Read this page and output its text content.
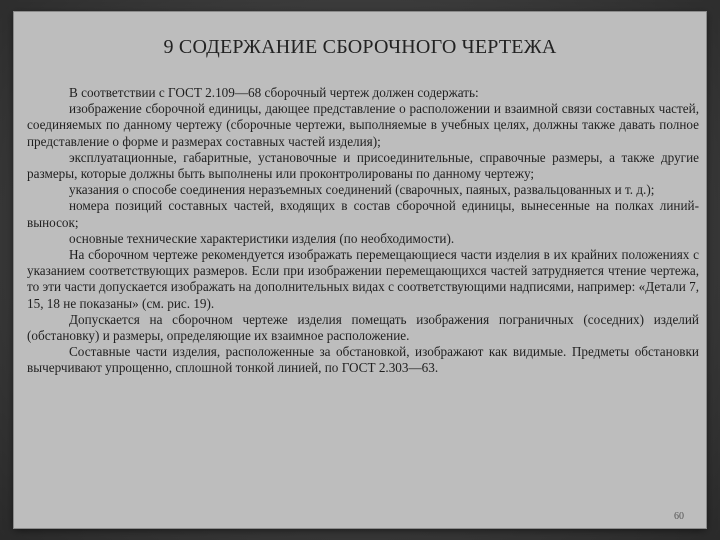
9 СОДЕРЖАНИЕ СБОРОЧНОГО ЧЕРТЕЖА

В соответствии с ГОСТ 2.109—68 сборочный чертеж должен содержать:

изображение сборочной единицы, дающее представление о расположении и взаимной связи составных частей, соединяемых по данному чертежу (сборочные чертежи, выполняемые в учебных целях, должны также давать полное представление о форме и размерах составных частей изделия);

эксплуатационные, габаритные, установочные и присоединительные, справочные размеры, а также другие размеры, которые должны быть выполнены или проконтролированы по данному чертежу;

указания о способе соединения неразъемных соединений (сварочных, паяных, развальцованных и т. д.);

номера позиций составных частей, входящих в состав сборочной единицы, вынесенные на полках линий-выносок;

основные технические характеристики изделия (по необходимости).

На сборочном чертеже рекомендуется изображать перемещающиеся части изделия в их крайних положениях с указанием соответствующих размеров. Если при изображении перемещающихся частей затрудняется чтение чертежа, то эти части допускается изображать на дополнительных видах с соответствующими надписями, например: «Детали 7, 15, 18 не показаны» (см. рис. 19).

Допускается на сборочном чертеже изделия помещать изображения пограничных (соседних) изделий (обстановку) и размеры, определяющие их взаимное расположение.

Составные части изделия, расположенные за обстановкой, изображают как видимые. Предметы обстановки вычерчивают упрощенно, сплошной тонкой линией, по ГОСТ 2.303—63.

60
